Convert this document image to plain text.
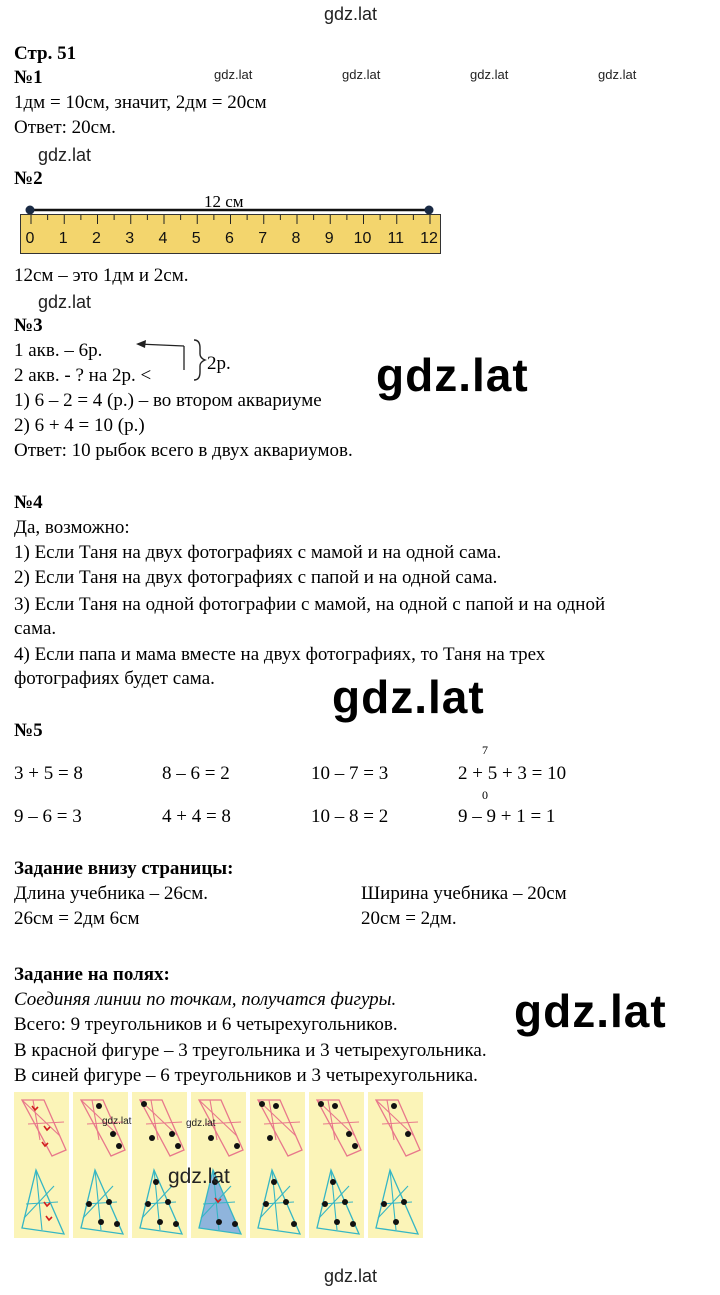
gdz.lat
gdz.lat	gdz.lat	gdz.lat	gdz.lat
gdz.lat
gdz.lat
gdz.lat
gdz.lat
gdz.lat
gdz.lat
Стр. 51
№1
1дм = 10см, значит, 2дм = 20см
Ответ: 20см.
№2
12 см
0	1	2	3	4	5	6	7	8	9	10 11 12
12см – это 1дм и 2см.
№3
1 акв. – 6р.
2 акв. - ? на 2р. <
2р.
1) 6 – 2 = 4 (р.) – во втором аквариуме
2) 6 + 4 = 10 (р.)
Ответ: 10 рыбок всего в двух аквариумов.
№4
Да, возможно:
1) Если Таня на двух фотографиях с мамой и на одной сама.
2) Если Таня на двух фотографиях с папой и на одной сама.
3) Если Таня на одной фотографии с мамой, на одной с папой и на одной
сама.
4) Если папа и мама вместе на двух фотографиях, то Таня на трех
фотографиях будет сама.
№5
7
3 + 5 = 8	8 – 6 = 2	10 – 7 = 3	2 + 5 + 3 = 10
0
9 – 6 = 3	4 + 4 = 8	10 – 8 = 2	9 – 9 + 1 = 1
Задание внизу страницы:
Длина учебника – 26см.
26см = 2дм 6см
Ширина учебника – 20см
20см = 2дм.
Задание на полях:
Соединяя линии по точкам, получатся фигуры.
Всего: 9 треугольников и 6 четырехугольников.
В красной фигуре – 3 треугольника и 3 четырехугольника.
В синей фигуре – 6 треугольников и 3 четырехугольника.
gdz.lat	gdz.lat
gdz.lat
